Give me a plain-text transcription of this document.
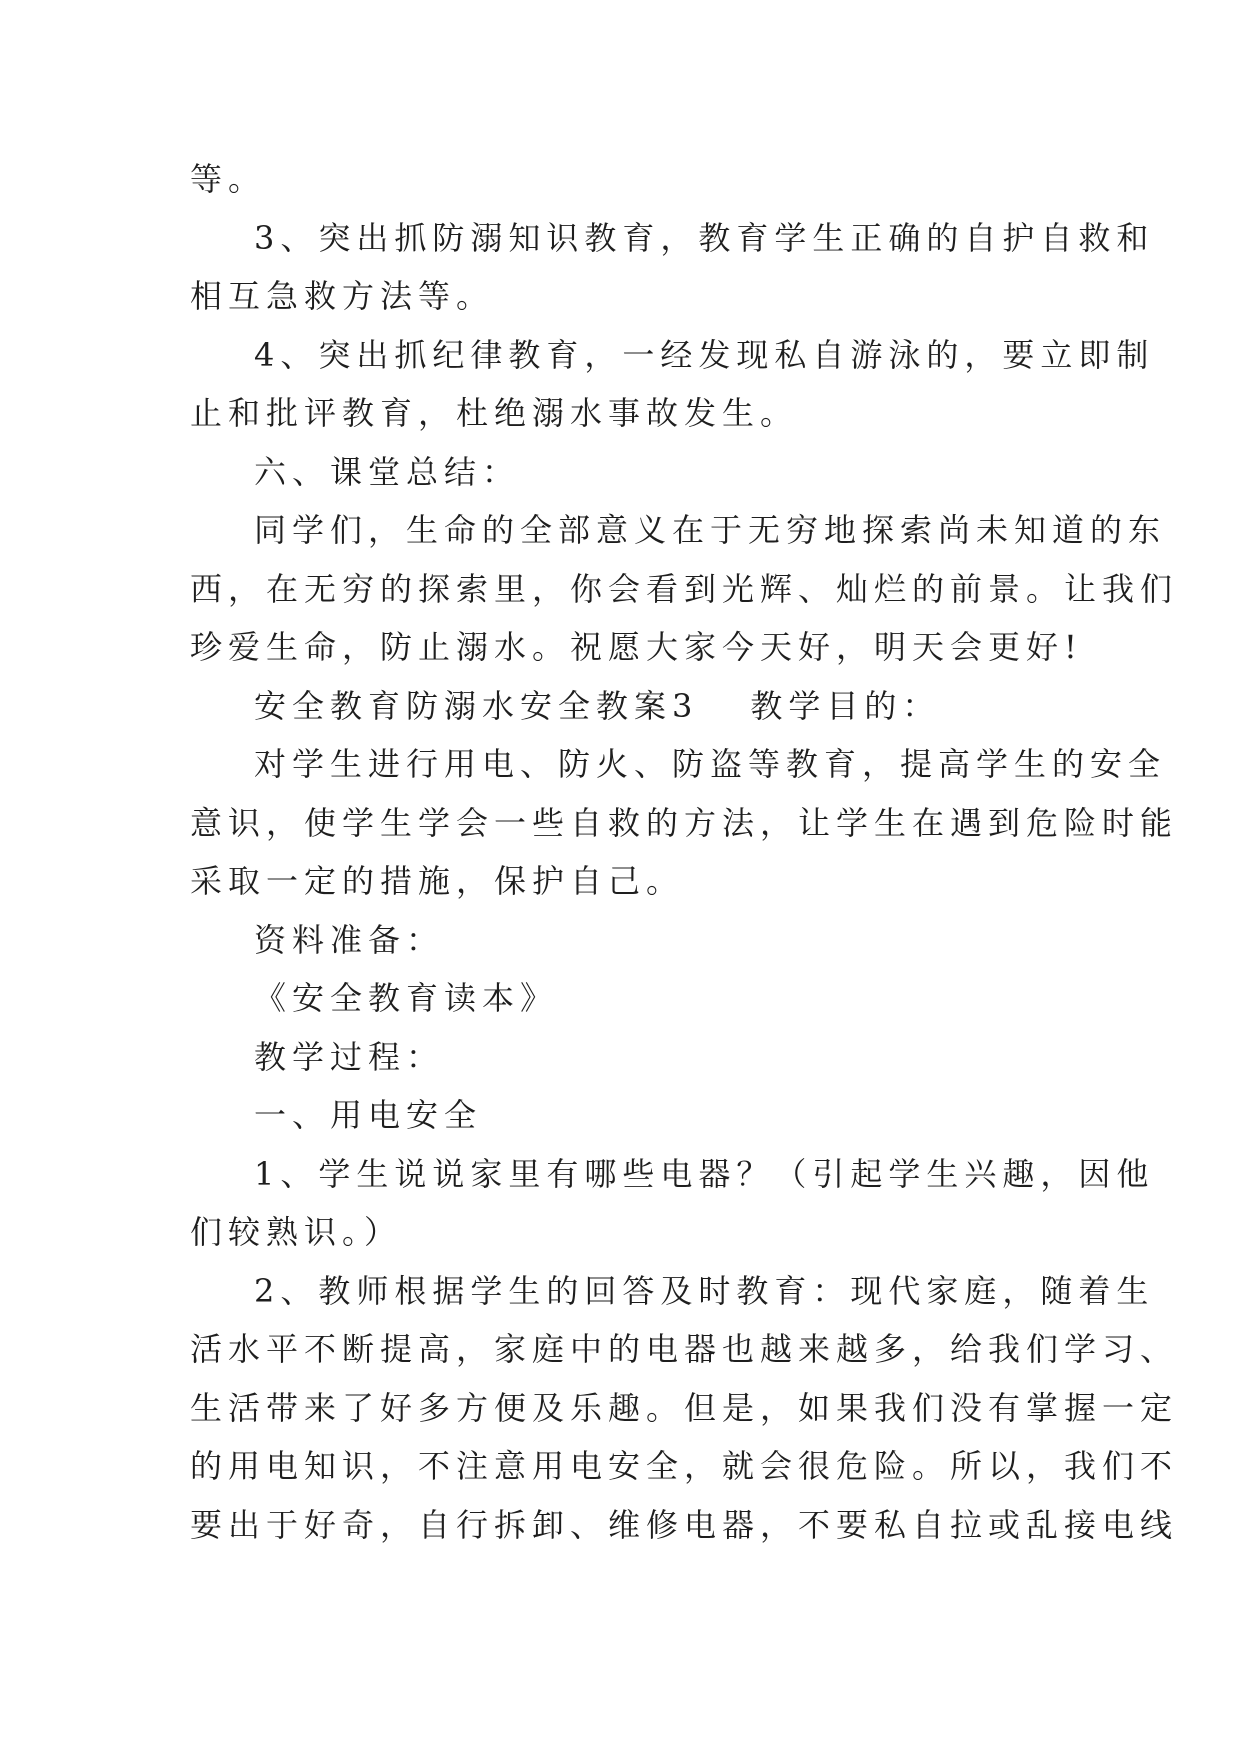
等。
3、突出抓防溺知识教育，教育学生正确的自护自救和
相互急救方法等。
4、突出抓纪律教育，一经发现私自游泳的，要立即制
止和批评教育，杜绝溺水事故发生。
六、课堂总结：
同学们，生命的全部意义在于无穷地探索尚未知道的东
西，在无穷的探索里，你会看到光辉、灿烂的前景。让我们
珍爱生命，防止溺水。祝愿大家今天好，明天会更好!
安全教育防溺水安全教案3 教学目的：
对学生进行用电、防火、防盗等教育，提高学生的安全
意识，使学生学会一些自救的方法，让学生在遇到危险时能
采取一定的措施，保护自己。
资料准备：
《安全教育读本》
教学过程：
一、用电安全
1、学生说说家里有哪些电器？（引起学生兴趣，因他
们较熟识。）
2、教师根据学生的回答及时教育：现代家庭，随着生
活水平不断提高，家庭中的电器也越来越多，给我们学习、
生活带来了好多方便及乐趣。但是，如果我们没有掌握一定
的用电知识，不注意用电安全，就会很危险。所以，我们不
要出于好奇，自行拆卸、维修电器，不要私自拉或乱接电线
